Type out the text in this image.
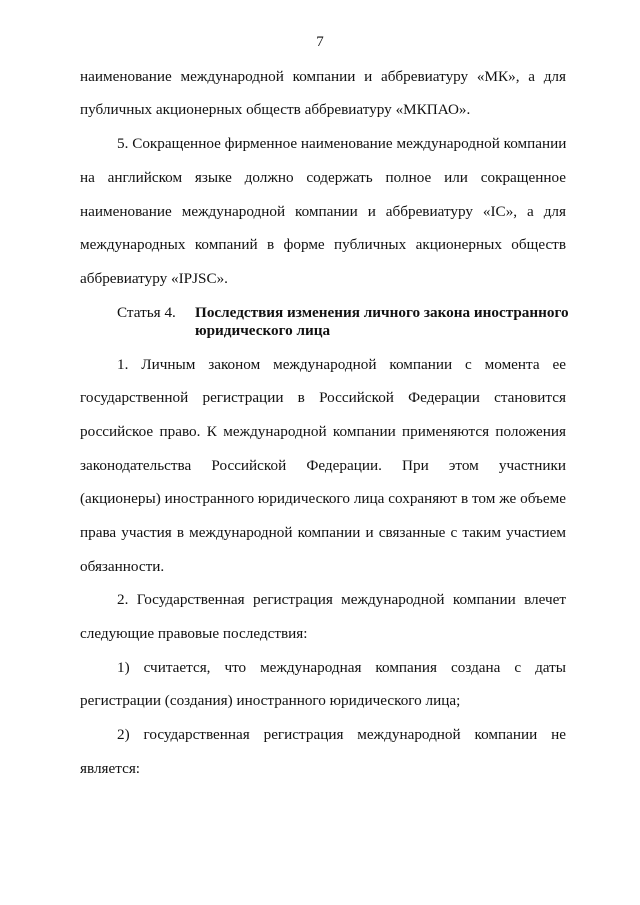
7
наименование международной компании и аббревиатуру «МК», а для
публичных акционерных обществ аббревиатуру «МКПАО».
5. Сокращенное фирменное наименование международной компании
на английском языке должно содержать полное или сокращенное
наименование международной компании и аббревиатуру «IC», а для
международных компаний в форме публичных акционерных обществ
аббревиатуру «IPJSC».
Статья 4. Последствия изменения личного закона иностранного
юридического лица
1. Личным законом международной компании с момента ее
государственной регистрации в Российской Федерации становится
российское право. К международной компании применяются положения
законодательства Российской Федерации. При этом участники
(акционеры) иностранного юридического лица сохраняют в том же объеме
права участия в международной компании и связанные с таким участием
обязанности.
2. Государственная регистрация международной компании влечет
следующие правовые последствия:
1) считается, что международная компания создана с даты
регистрации (создания) иностранного юридического лица;
2) государственная регистрация международной компании не
является:
